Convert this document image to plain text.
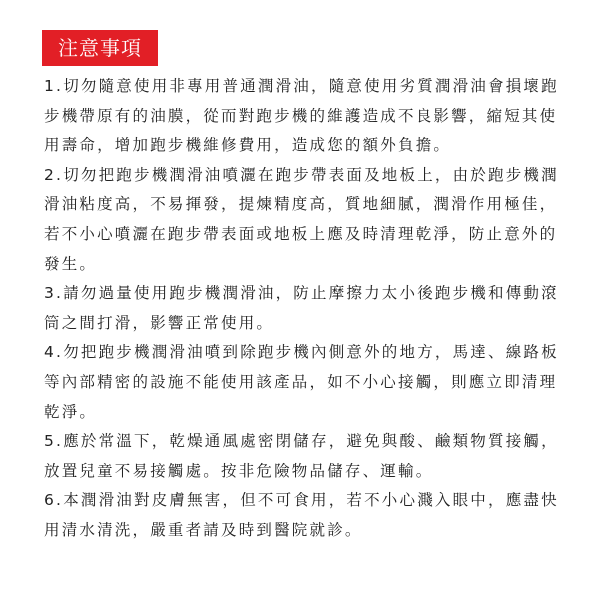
注意事項

1.切勿隨意使用非專用普通潤滑油，隨意使用劣質潤滑油會損壞跑步機帶原有的油膜，從而對跑步機的維護造成不良影響，縮短其使用壽命，增加跑步機維修費用，造成您的額外負擔。

2.切勿把跑步機潤滑油噴灑在跑步帶表面及地板上，由於跑步機潤滑油粘度高，不易揮發，提煉精度高，質地細膩，潤滑作用極佳，若不小心噴灑在跑步帶表面或地板上應及時清理乾淨，防止意外的發生。

3.請勿過量使用跑步機潤滑油，防止摩擦力太小後跑步機和傳動滾筒之間打滑，影響正常使用。

4.勿把跑步機潤滑油噴到除跑步機內側意外的地方，馬達、線路板等內部精密的設施不能使用該產品，如不小心接觸，則應立即清理乾淨。

5.應於常溫下，乾燥通風處密閉儲存，避免與酸、鹼類物質接觸，放置兒童不易接觸處。按非危險物品儲存、運輸。

6.本潤滑油對皮膚無害，但不可食用，若不小心濺入眼中，應盡快用清水清洗，嚴重者請及時到醫院就診。
